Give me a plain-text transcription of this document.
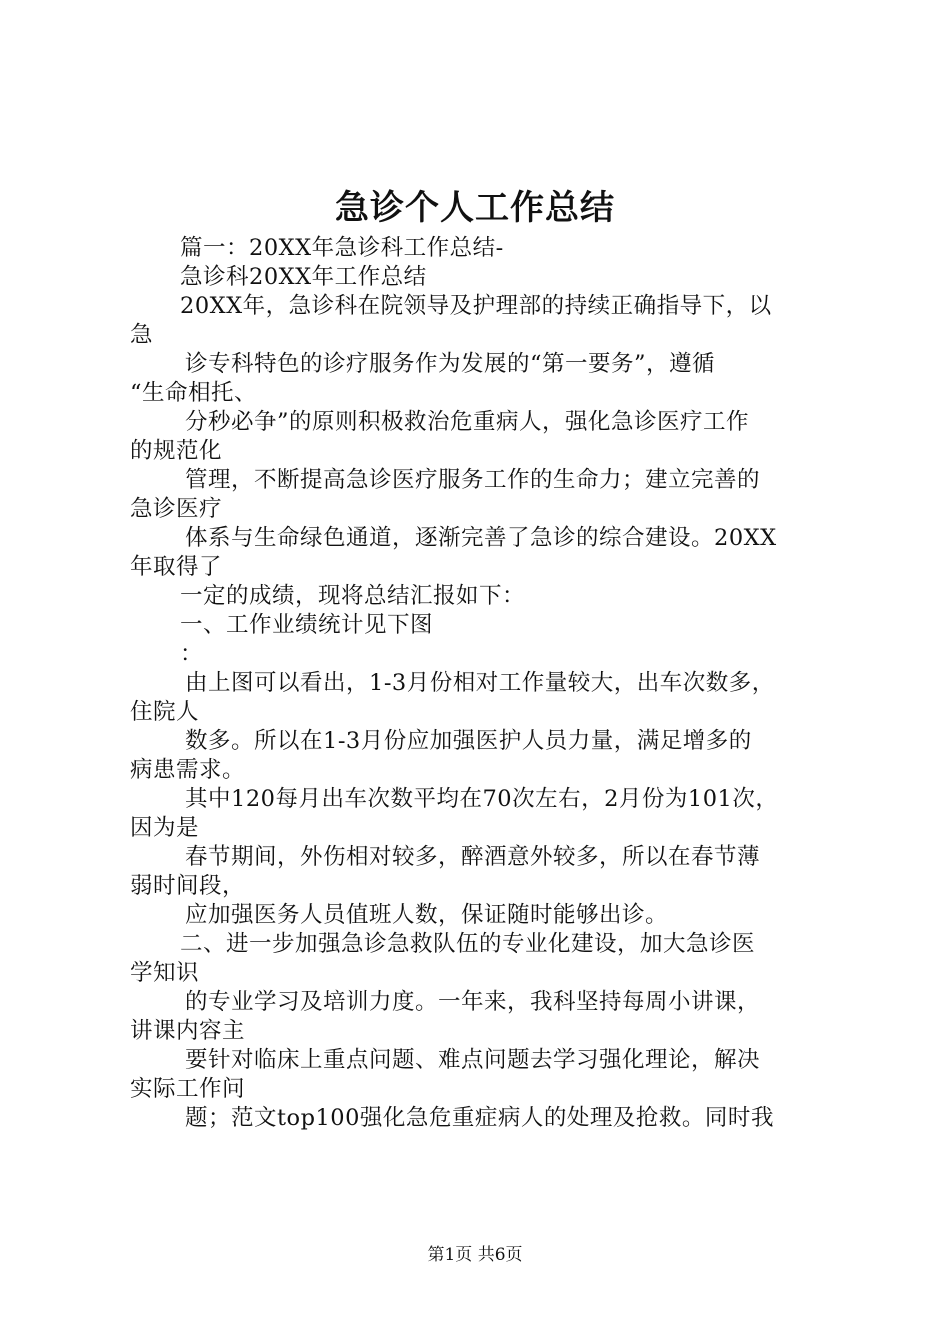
急诊个人工作总结
篇一：20XX年急诊科工作总结-
急诊科20XX年工作总结
20XX年，急诊科在院领导及护理部的持续正确指导下，以
急
诊专科特色的诊疗服务作为发展的“第一要务”，遵循
“生命相托、
分秒必争”的原则积极救治危重病人，强化急诊医疗工作
的规范化
管理，不断提高急诊医疗服务工作的生命力；建立完善的
急诊医疗
体系与生命绿色通道，逐渐完善了急诊的综合建设。20XX
年取得了
一定的成绩，现将总结汇报如下：
一、工作业绩统计见下图
：
由上图可以看出，1-3月份相对工作量较大，出车次数多，
住院人
数多。所以在1-3月份应加强医护人员力量，满足增多的
病患需求。
其中120每月出车次数平均在70次左右，2月份为101次，
因为是
春节期间，外伤相对较多，醉酒意外较多，所以在春节薄
弱时间段，
应加强医务人员值班人数，保证随时能够出诊。
二、进一步加强急诊急救队伍的专业化建设，加大急诊医
学知识
的专业学习及培训力度。一年来，我科坚持每周小讲课，
讲课内容主
要针对临床上重点问题、难点问题去学习强化理论，解决
实际工作问
题；范文top100强化急危重症病人的处理及抢救。同时我
第1页 共6页
